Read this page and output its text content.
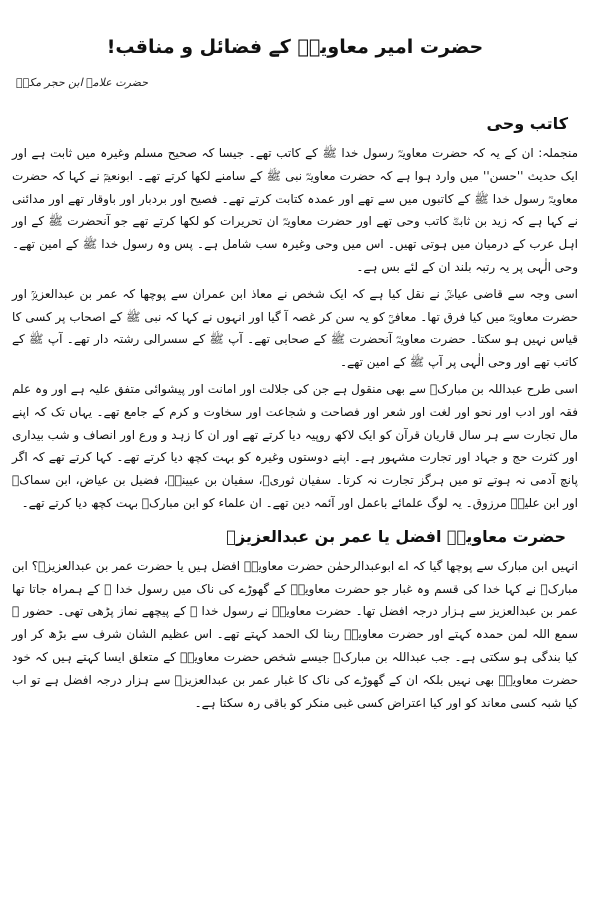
حضرت امیر معاویہؓ کے فضائل و مناقب!
حضرت علامہ ابن حجر مکیؒ
کاتب وحی

منجملہ: ان کے یہ کہ حضرت معاویہؓ رسول خدا ﷺ کے کاتب تھے۔ جیسا کہ صحیح مسلم وغیرہ میں ثابت ہے اور ایک حدیث ''حسن'' میں وارد ہوا ہے کہ حضرت معاویہؓ نبی ﷺ کے سامنے لکھا کرتے تھے۔ ابونعیمؒ نے کہا کہ حضرت معاویہؓ رسول خدا ﷺ کے کاتبوں میں سے تھے اور عمدہ کتابت کرتے تھے۔ فصیح اور بردبار اور باوقار تھے اور مدائنی نے کہا ہے کہ زید بن ثابتؓ کاتب وحی تھے اور حضرت معاویہؓ ان تحریرات کو لکھا کرتے تھے جو آنحضرت ﷺ کے اور اہل عرب کے درمیان میں ہوتی تھیں۔ اس میں وحی وغیرہ سب شامل ہے۔ پس وہ رسول خدا ﷺ کے امین تھے۔ وحی الٰہی پر یہ رتبہ بلند ان کے لئے بس ہے۔

اسی وجہ سے قاضی عیاضؒ نے نقل کیا ہے کہ ایک شخص نے معاذ ابن عمران سے پوچھا کہ عمر بن عبدالعزیزؒ اور حضرت معاویہؓ میں کیا فرق تھا۔ معافیؒ کو یہ سن کر غصہ آ گیا اور انہوں نے کہا کہ نبی ﷺ کے اصحاب پر کسی کا قیاس نہیں ہو سکتا۔ حضرت معاویہؓ آنحضرت ﷺ کے صحابی تھے۔ آپ ﷺ کے سسرالی رشتہ دار تھے۔ آپ ﷺ کے کاتب تھے اور وحی الٰہی پر آپ ﷺ کے امین تھے۔

اسی طرح عبداللہ بن مبارکؒ سے بھی منقول ہے جن کی جلالت اور امانت اور پیشوائی متفق علیہ ہے اور وہ علم فقہ اور ادب اور نحو اور لغت اور شعر اور فصاحت و شجاعت اور سخاوت و کرم کے جامع تھے۔ یہاں تک کہ اپنے مال تجارت سے ہر سال قاریان قرآن کو ایک لاکھ روپیہ دیا کرتے تھے اور ان کا زہد و ورع اور انصاف و شب بیداری اور کثرت حج و جہاد اور تجارت مشہور ہے۔ اپنے دوستوں وغیرہ کو بہت کچھ دیا کرتے تھے۔ کہا کرتے تھے کہ اگر پانچ آدمی نہ ہوتے تو میں ہرگز تجارت نہ کرتا۔ سفیان ثوریؒ، سفیان بن عیینہؒ، فضیل بن عیاض، ابن سماکؒ اور ابن علیہؒ مرزوق۔ یہ لوگ علمائے باعمل اور آئمہ دین تھے۔ ان علماء کو ابن مبارکؒ بہت کچھ دیا کرتے تھے۔

حضرت معاویہؓ افضل یا عمر بن عبدالعزیزؒ

انہیں ابن مبارک سے پوچھا گیا کہ اے ابوعبدالرحمٰن حضرت معاویہؓ افضل ہیں یا حضرت عمر بن عبدالعزیزؒ؟ ابن مبارکؒ نے کہا خدا کی قسم وہ غبار جو حضرت معاویہؓ کے گھوڑے کی ناک میں رسول خدا ﷺ کے ہمراہ جاتا تھا عمر بن عبدالعزیز سے ہزار درجہ افضل تھا۔ حضرت معاویہؓ نے رسول خدا ﷺ کے پیچھے نماز پڑھی تھی۔ حضور ﷺ سمع اللہ لمن حمدہ کہتے اور حضرت معاویہؓ ربنا لک الحمد کہتے تھے۔ اس عظیم الشان شرف سے بڑھ کر اور کیا بندگی ہو سکتی ہے۔ جب عبداللہ بن مبارکؒ جیسے شخص حضرت معاویہؓ کے متعلق ایسا کہتے ہیں کہ خود حضرت معاویہؓ بھی نہیں بلکہ ان کے گھوڑے کی ناک کا غبار عمر بن عبدالعزیزؒ سے ہزار درجہ افضل ہے تو اب کیا شبہ کسی معاند کو اور کیا اعتراض کسی غبی منکر کو باقی رہ سکتا ہے۔
